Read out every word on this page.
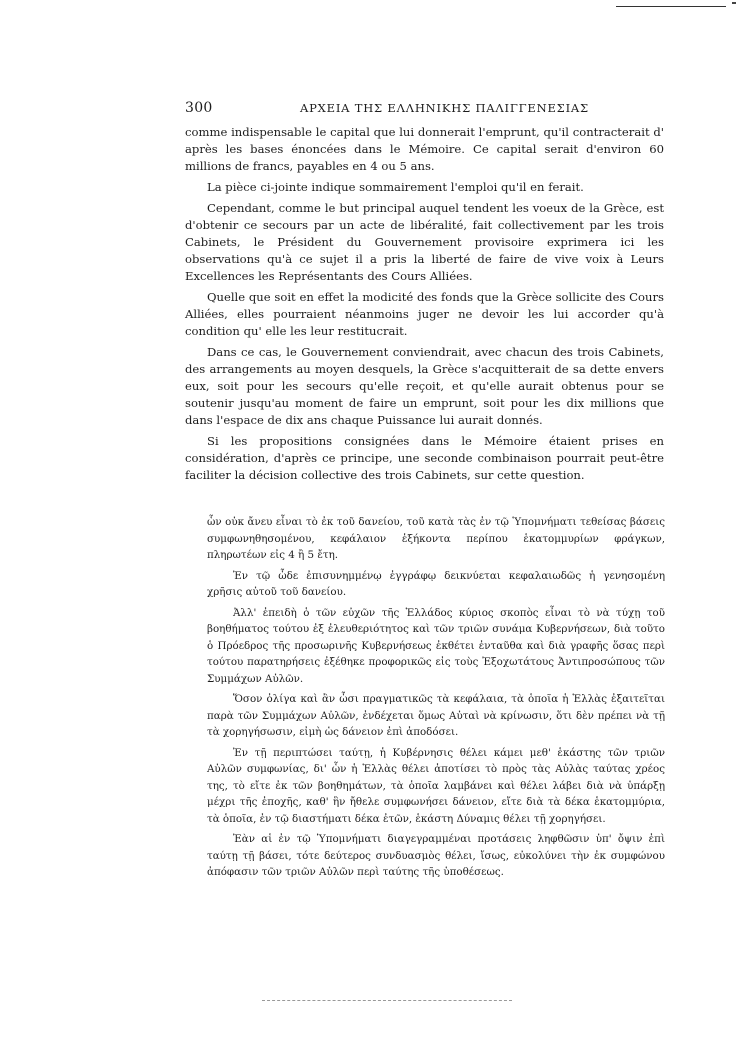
300	ΑΡΧΕΙΑ ΤΗΣ ΕΛΛΗΝΙΚΗΣ ΠΑΛΙΓΓΕΝΕΣΙΑΣ

comme indispensable le capital que lui donnerait l'emprunt, qu'il contracterait d' après les bases énoncées dans le Mémoire. Ce capital serait d'environ 60 millions de francs, payables en 4 ou 5 ans.

La pièce ci-jointe indique sommairement l'emploi qu'il en ferait.

Cependant, comme le but principal auquel tendent les voeux de la Grèce, est d'obtenir ce secours par un acte de libéralité, fait collectivement par les trois Cabinets, le Président du Gouvernement provisoire exprimera ici les observations qu'à ce sujet il a pris la liberté de faire de vive voix à Leurs Excellences les Représentants des Cours Alliées.

Quelle que soit en effet la modicité des fonds que la Grèce sollicite des Cours Alliées, elles pourraient néanmoins juger ne devoir les lui accorder qu'à condition qu' elle les leur restitucrait.

Dans ce cas, le Gouvernement conviendrait, avec chacun des trois Cabinets, des arrangements au moyen desquels, la Grèce s'acquitterait de sa dette envers eux, soit pour les secours qu'elle reçoit, et qu'elle aurait obtenus pour se soutenir jusqu'au moment de faire un emprunt, soit pour les dix millions que dans l'espace de dix ans chaque Puissance lui aurait donnés.

Si les propositions consignées dans le Mémoire étaient prises en considération, d'après ce principe, une seconde combinaison pourrait peut-être faciliter la décision collective des trois Cabinets, sur cette question.

ὧν οὐκ ἄνευ εἶναι τὸ ἐκ τοῦ δανείου, τοῦ κατὰ τὰς ἐν τῷ Ὑπομνήματι τεθείσας βάσεις συμφωνηθησομένου, κεφάλαιον ἑξήκοντα περίπου ἑκατομμυρίων φράγκων, πληρωτέων εἰς 4 ἢ 5 ἔτη.

Ἐν τῷ ὧδε ἐπισυνημμένῳ ἐγγράφῳ δεικνύεται κεφαλαιωδῶς ἡ γενησομένη χρῆσις αὐτοῦ τοῦ δανείου.

Ἀλλ' ἐπειδὴ ὁ τῶν εὐχῶν τῆς Ἑλλάδος κύριος σκοπὸς εἶναι τὸ νὰ τύχῃ τοῦ βοηθήματος τούτου ἐξ ἐλευθεριότητος καὶ τῶν τριῶν συνάμα Κυβερνήσεων, διὰ τοῦτο ὁ Πρόεδρος τῆς προσωρινῆς Κυβερνήσεως ἐκθέτει ἐνταῦθα καὶ διὰ γραφῆς ὅσας περὶ τούτου παρατηρήσεις ἐξέθηκε προφορικῶς εἰς τοὺς Ἐξοχωτάτους Ἀντιπροσώπους τῶν Συμμάχων Αὐλῶν.

Ὅσον ὀλίγα καὶ ἂν ὦσι πραγματικῶς τὰ κεφάλαια, τὰ ὁποῖα ἡ Ἑλλὰς ἐξαιτεῖται παρὰ τῶν Συμμάχων Αὐλῶν, ἐνδέχεται ὅμως Αὐταὶ νὰ κρίνωσιν, ὅτι δὲν πρέπει νὰ τῇ τὰ χορηγήσωσιν, εἰμὴ ὡς δάνειον ἐπὶ ἀποδόσει.

Ἐν τῇ περιπτώσει ταύτῃ, ἡ Κυβέρνησις θέλει κάμει μεθ' ἑκάστης τῶν τριῶν Αὐλῶν συμφωνίας, δι' ὧν ἡ Ἑλλὰς θέλει ἀποτίσει τὸ πρὸς τὰς Αὐλὰς ταύτας χρέος της, τὸ εἴτε ἐκ τῶν βοηθημάτων, τὰ ὁποῖα λαμβάνει καὶ θέλει λάβει διὰ νὰ ὑπάρξῃ μέχρι τῆς ἐποχῆς, καθ' ἣν ἤθελε συμφωνήσει δάνειον, εἴτε διὰ τὰ δέκα ἑκατομμύρια, τὰ ὁποῖα, ἐν τῷ διαστήματι δέκα ἐτῶν, ἑκάστη Δύναμις θέλει τῇ χορηγήσει.

Ἐὰν αἱ ἐν τῷ Ὑπομνήματι διαγεγραμμέναι προτάσεις ληφθῶσιν ὑπ' ὄψιν ἐπὶ ταύτῃ τῇ βάσει, τότε δεύτερος συνδυασμὸς θέλει, ἴσως, εὐκολύνει τὴν ἐκ συμφώνου ἀπόφασιν τῶν τριῶν Αὐλῶν περὶ ταύτης τῆς ὑποθέσεως.
